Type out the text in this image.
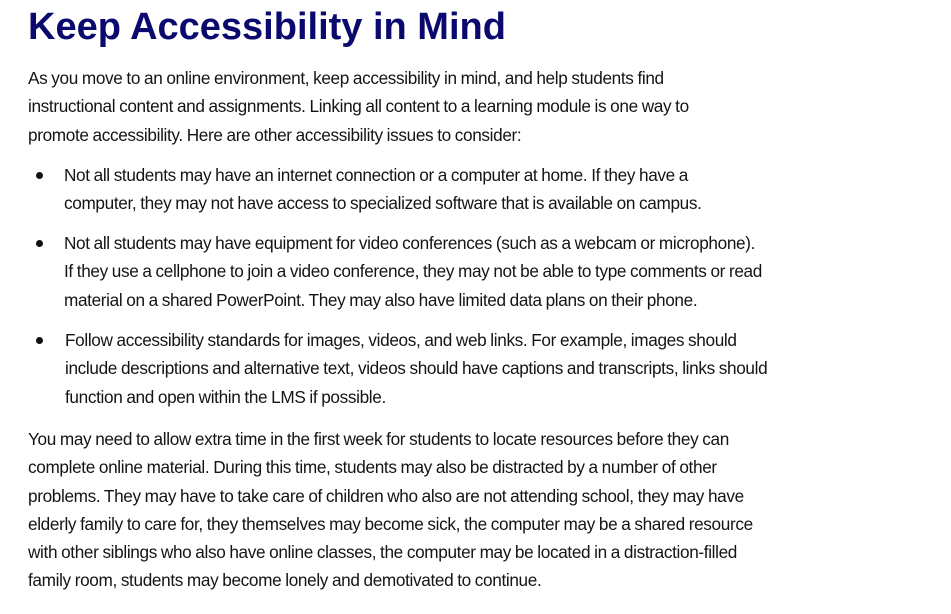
Keep Accessibility in Mind

As you move to an online environment, keep accessibility in mind, and help students find
instructional content and assignments. Linking all content to a learning module is one way to
promote accessibility. Here are other accessibility issues to consider:

Not all students may have an internet connection or a computer at home. If they have a
computer, they may not have access to specialized software that is available on campus.

Not all students may have equipment for video conferences (such as a webcam or microphone).
If they use a cellphone to join a video conference, they may not be able to type comments or read
material on a shared PowerPoint. They may also have limited data plans on their phone.

Follow accessibility standards for images, videos, and web links. For example, images should
include descriptions and alternative text, videos should have captions and transcripts, links should
function and open within the LMS if possible.

You may need to allow extra time in the first week for students to locate resources before they can
complete online material. During this time, students may also be distracted by a number of other
problems. They may have to take care of children who also are not attending school, they may have
elderly family to care for, they themselves may become sick, the computer may be a shared resource
with other siblings who also have online classes, the computer may be located in a distraction-filled
family room, students may become lonely and demotivated to continue.
